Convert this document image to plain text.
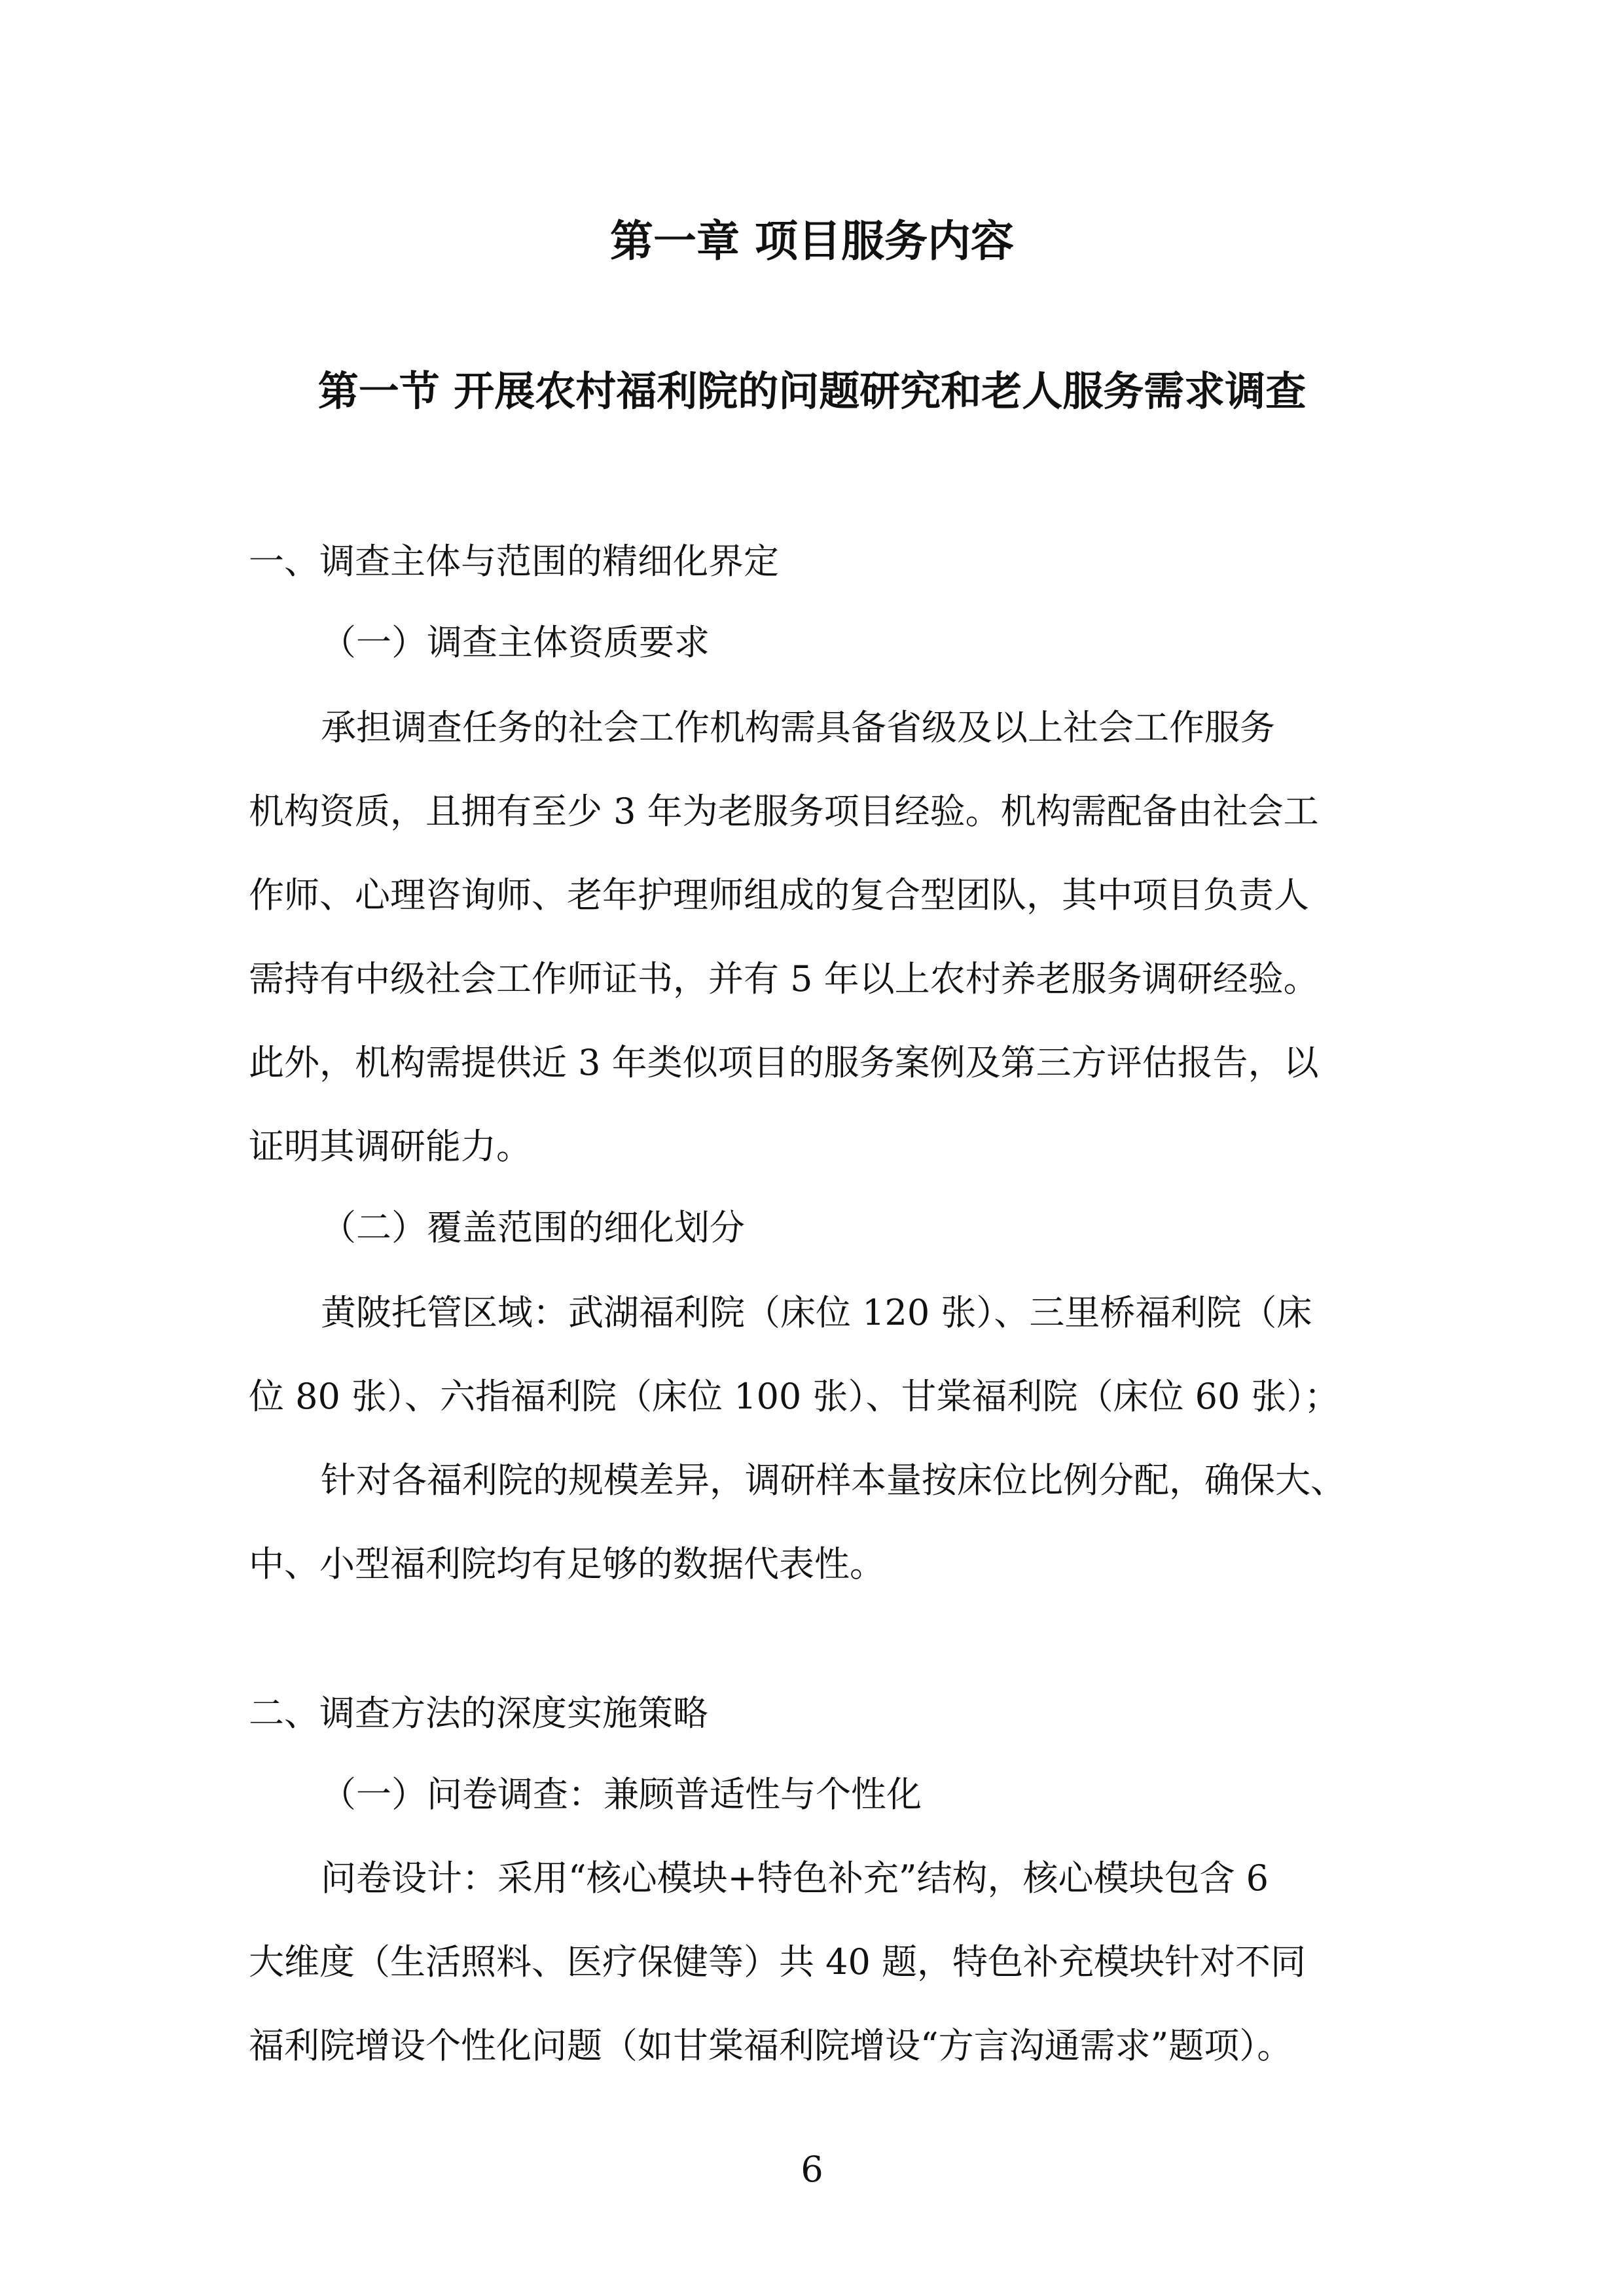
第一章 项目服务内容
第一节 开展农村福利院的问题研究和老人服务需求调查

一、调查主体与范围的精细化界定

（一）调查主体资质要求

承担调查任务的社会工作机构需具备省级及以上社会工作服务

机构资质，且拥有至少 3 年为老服务项目经验。机构需配备由社会工

作师、心理咨询师、老年护理师组成的复合型团队，其中项目负责人

需持有中级社会工作师证书，并有 5 年以上农村养老服务调研经验。

此外，机构需提供近 3 年类似项目的服务案例及第三方评估报告，以

证明其调研能力。

（二）覆盖范围的细化划分

黄陂托管区域：武湖福利院（床位 120 张）、三里桥福利院（床

位 80 张）、六指福利院（床位 100 张）、甘棠福利院（床位 60 张）；

针对各福利院的规模差异，调研样本量按床位比例分配，确保大、

中、小型福利院均有足够的数据代表性。

二、调查方法的深度实施策略

（一）问卷调查：兼顾普适性与个性化

问卷设计：采用“核心模块+特色补充”结构，核心模块包含 6

大维度（生活照料、医疗保健等）共 40 题，特色补充模块针对不同

福利院增设个性化问题（如甘棠福利院增设“方言沟通需求”题项）。

6
